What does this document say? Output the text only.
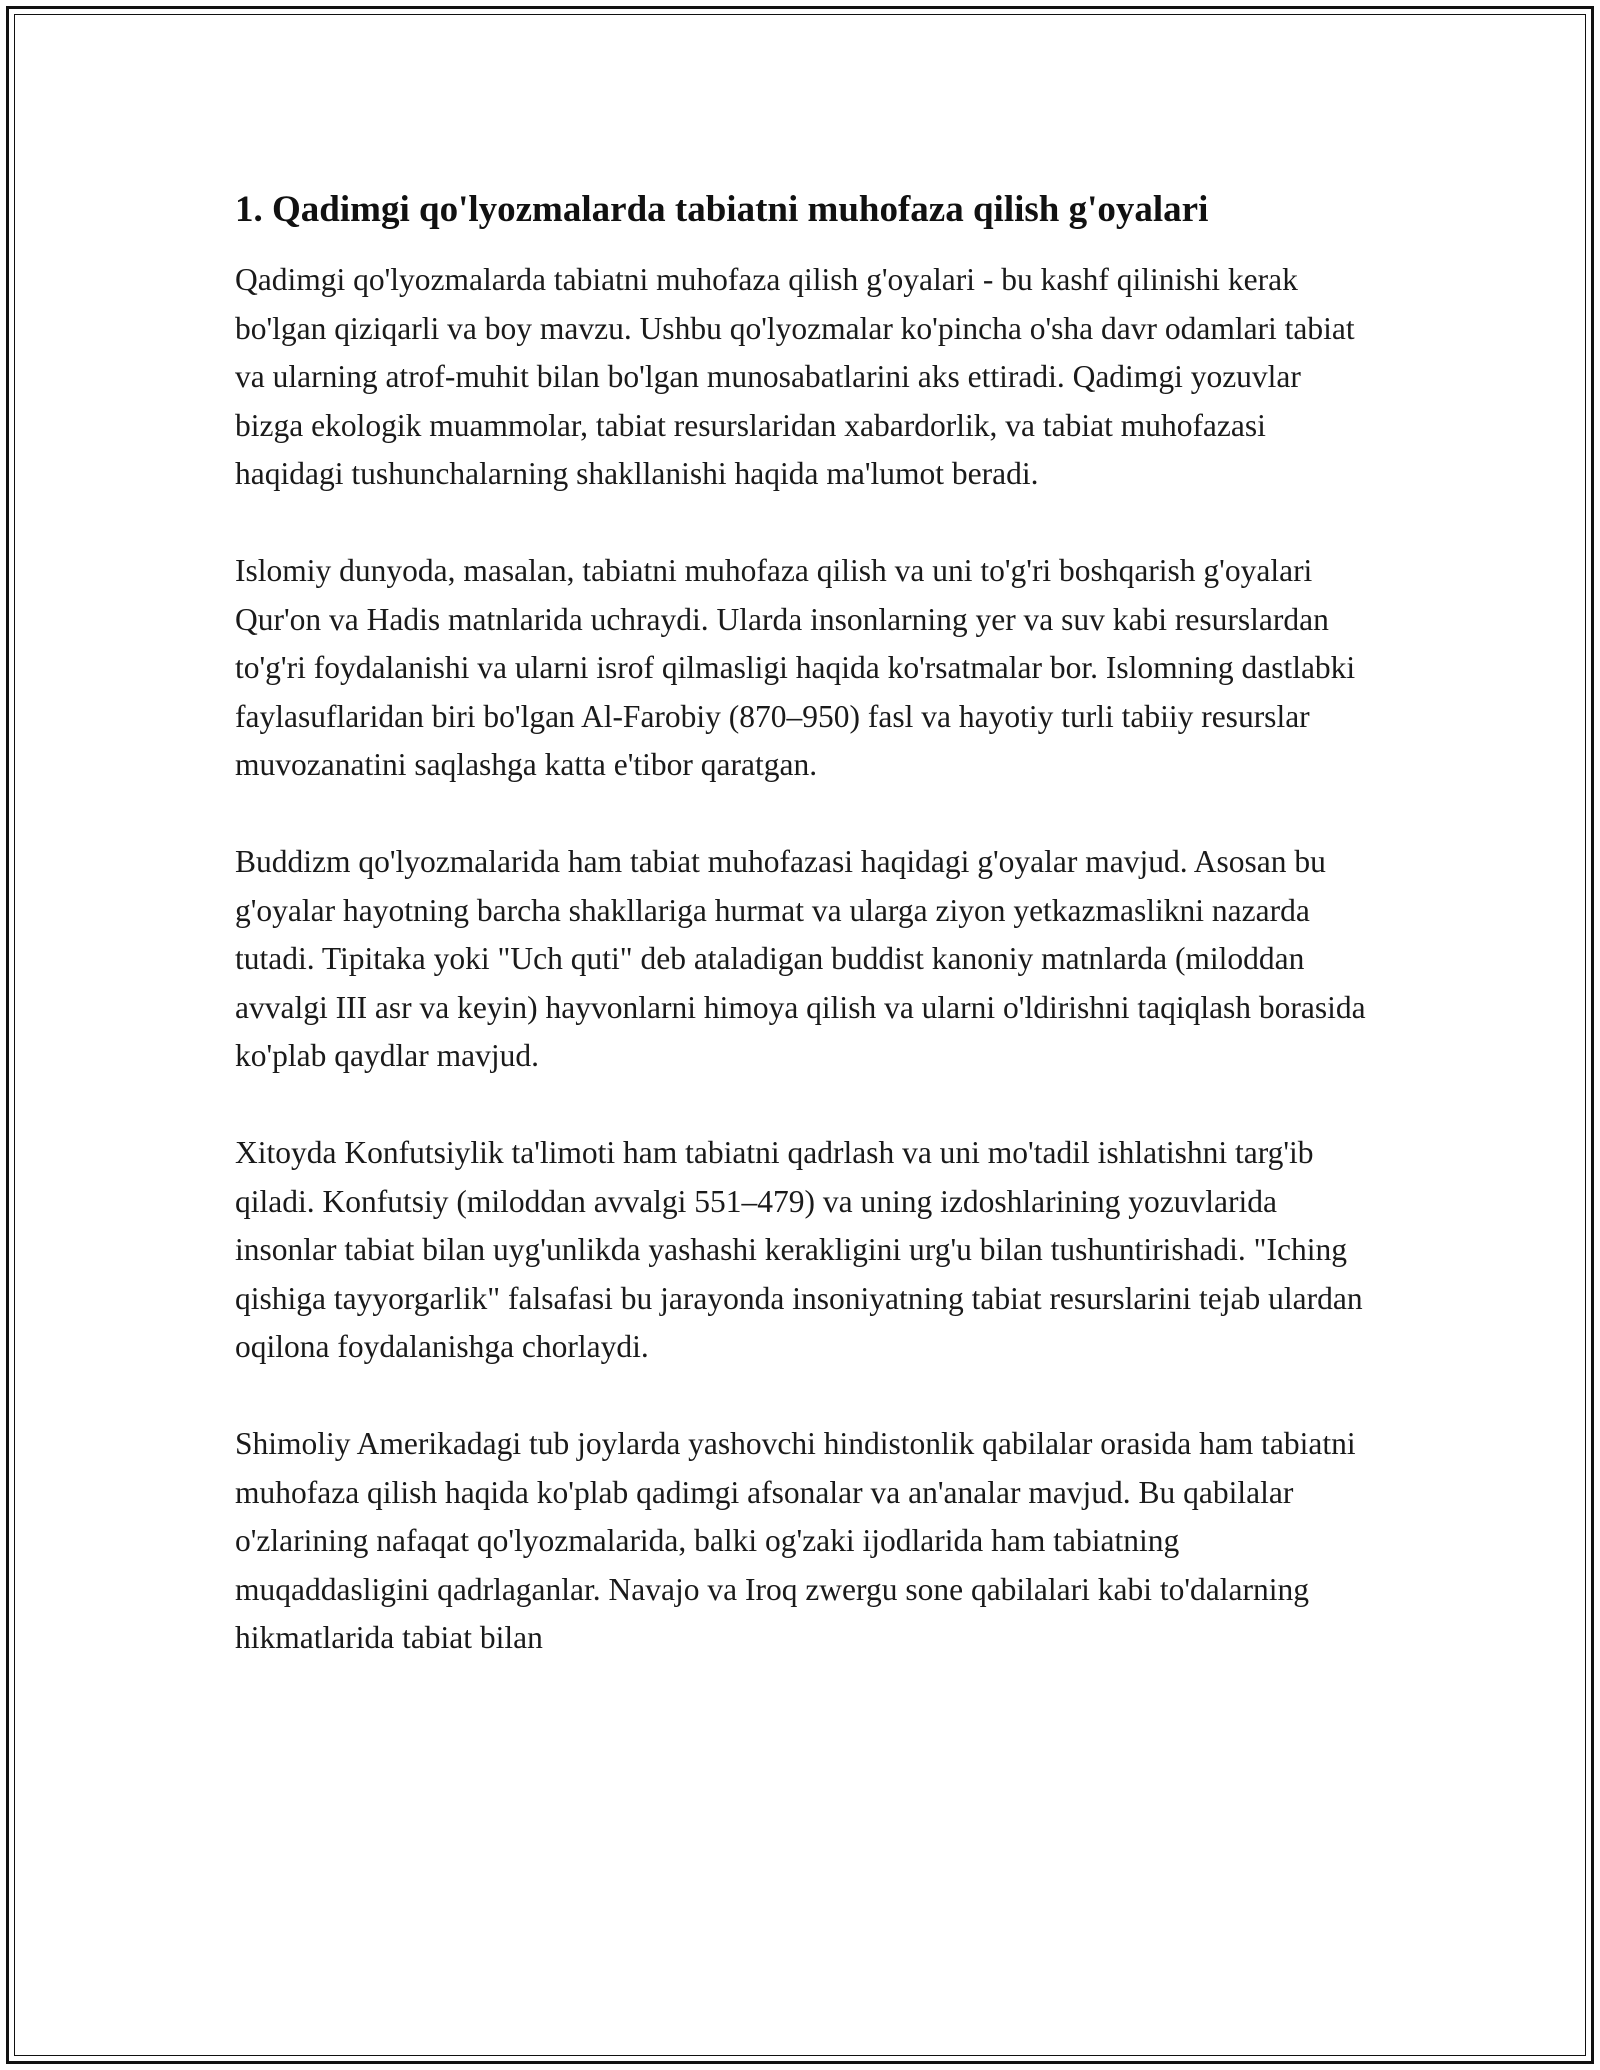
1. Qadimgi qo'lyozmalarda tabiatni muhofaza qilish g'oyalari

Qadimgi qo'lyozmalarda tabiatni muhofaza qilish g'oyalari - bu kashf qilinishi kerak bo'lgan qiziqarli va boy mavzu. Ushbu qo'lyozmalar ko'pincha o'sha davr odamlari tabiat va ularning atrof-muhit bilan bo'lgan munosabatlarini aks ettiradi. Qadimgi yozuvlar bizga ekologik muammolar, tabiat resurslaridan xabardorlik, va tabiat muhofazasi haqidagi tushunchalarning shakllanishi haqida ma'lumot beradi.

Islomiy dunyoda, masalan, tabiatni muhofaza qilish va uni to'g'ri boshqarish g'oyalari Qur'on va Hadis matnlarida uchraydi. Ularda insonlarning yer va suv kabi resurslardan to'g'ri foydalanishi va ularni isrof qilmasligi haqida ko'rsatmalar bor. Islomning dastlabki faylasuflaridan biri bo'lgan Al-Farobiy (870–950) fasl va hayotiy turli tabiiy resurslar muvozanatini saqlashga katta e'tibor qaratgan.

Buddizm qo'lyozmalarida ham tabiat muhofazasi haqidagi g'oyalar mavjud. Asosan bu g'oyalar hayotning barcha shakllariga hurmat va ularga ziyon yetkazmaslikni nazarda tutadi. Tipitaka yoki "Uch quti" deb ataladigan buddist kanoniy matnlarda (miloddan avvalgi III asr va keyin) hayvonlarni himoya qilish va ularni o'ldirishni taqiqlash borasida ko'plab qaydlar mavjud.

Xitoyda Konfutsiylik ta'limoti ham tabiatni qadrlash va uni mo'tadil ishlatishni targ'ib qiladi. Konfutsiy (miloddan avvalgi 551–479) va uning izdoshlarining yozuvlarida insonlar tabiat bilan uyg'unlikda yashashi kerakligini urg'u bilan tushuntirishadi. "Iching qishiga tayyorgarlik" falsafasi bu jarayonda insoniyatning tabiat resurslarini tejab ulardan oqilona foydalanishga chorlaydi.

Shimoliy Amerikadagi tub joylarda yashovchi hindistonlik qabilalar orasida ham tabiatni muhofaza qilish haqida ko'plab qadimgi afsonalar va an'analar mavjud. Bu qabilalar o'zlarining nafaqat qo'lyozmalarida, balki og'zaki ijodlarida ham tabiatning muqaddasligini qadrlaganlar. Navajo va Iroq zwergu sone qabilalari kabi to'dalarning hikmatlarida tabiat bilan
